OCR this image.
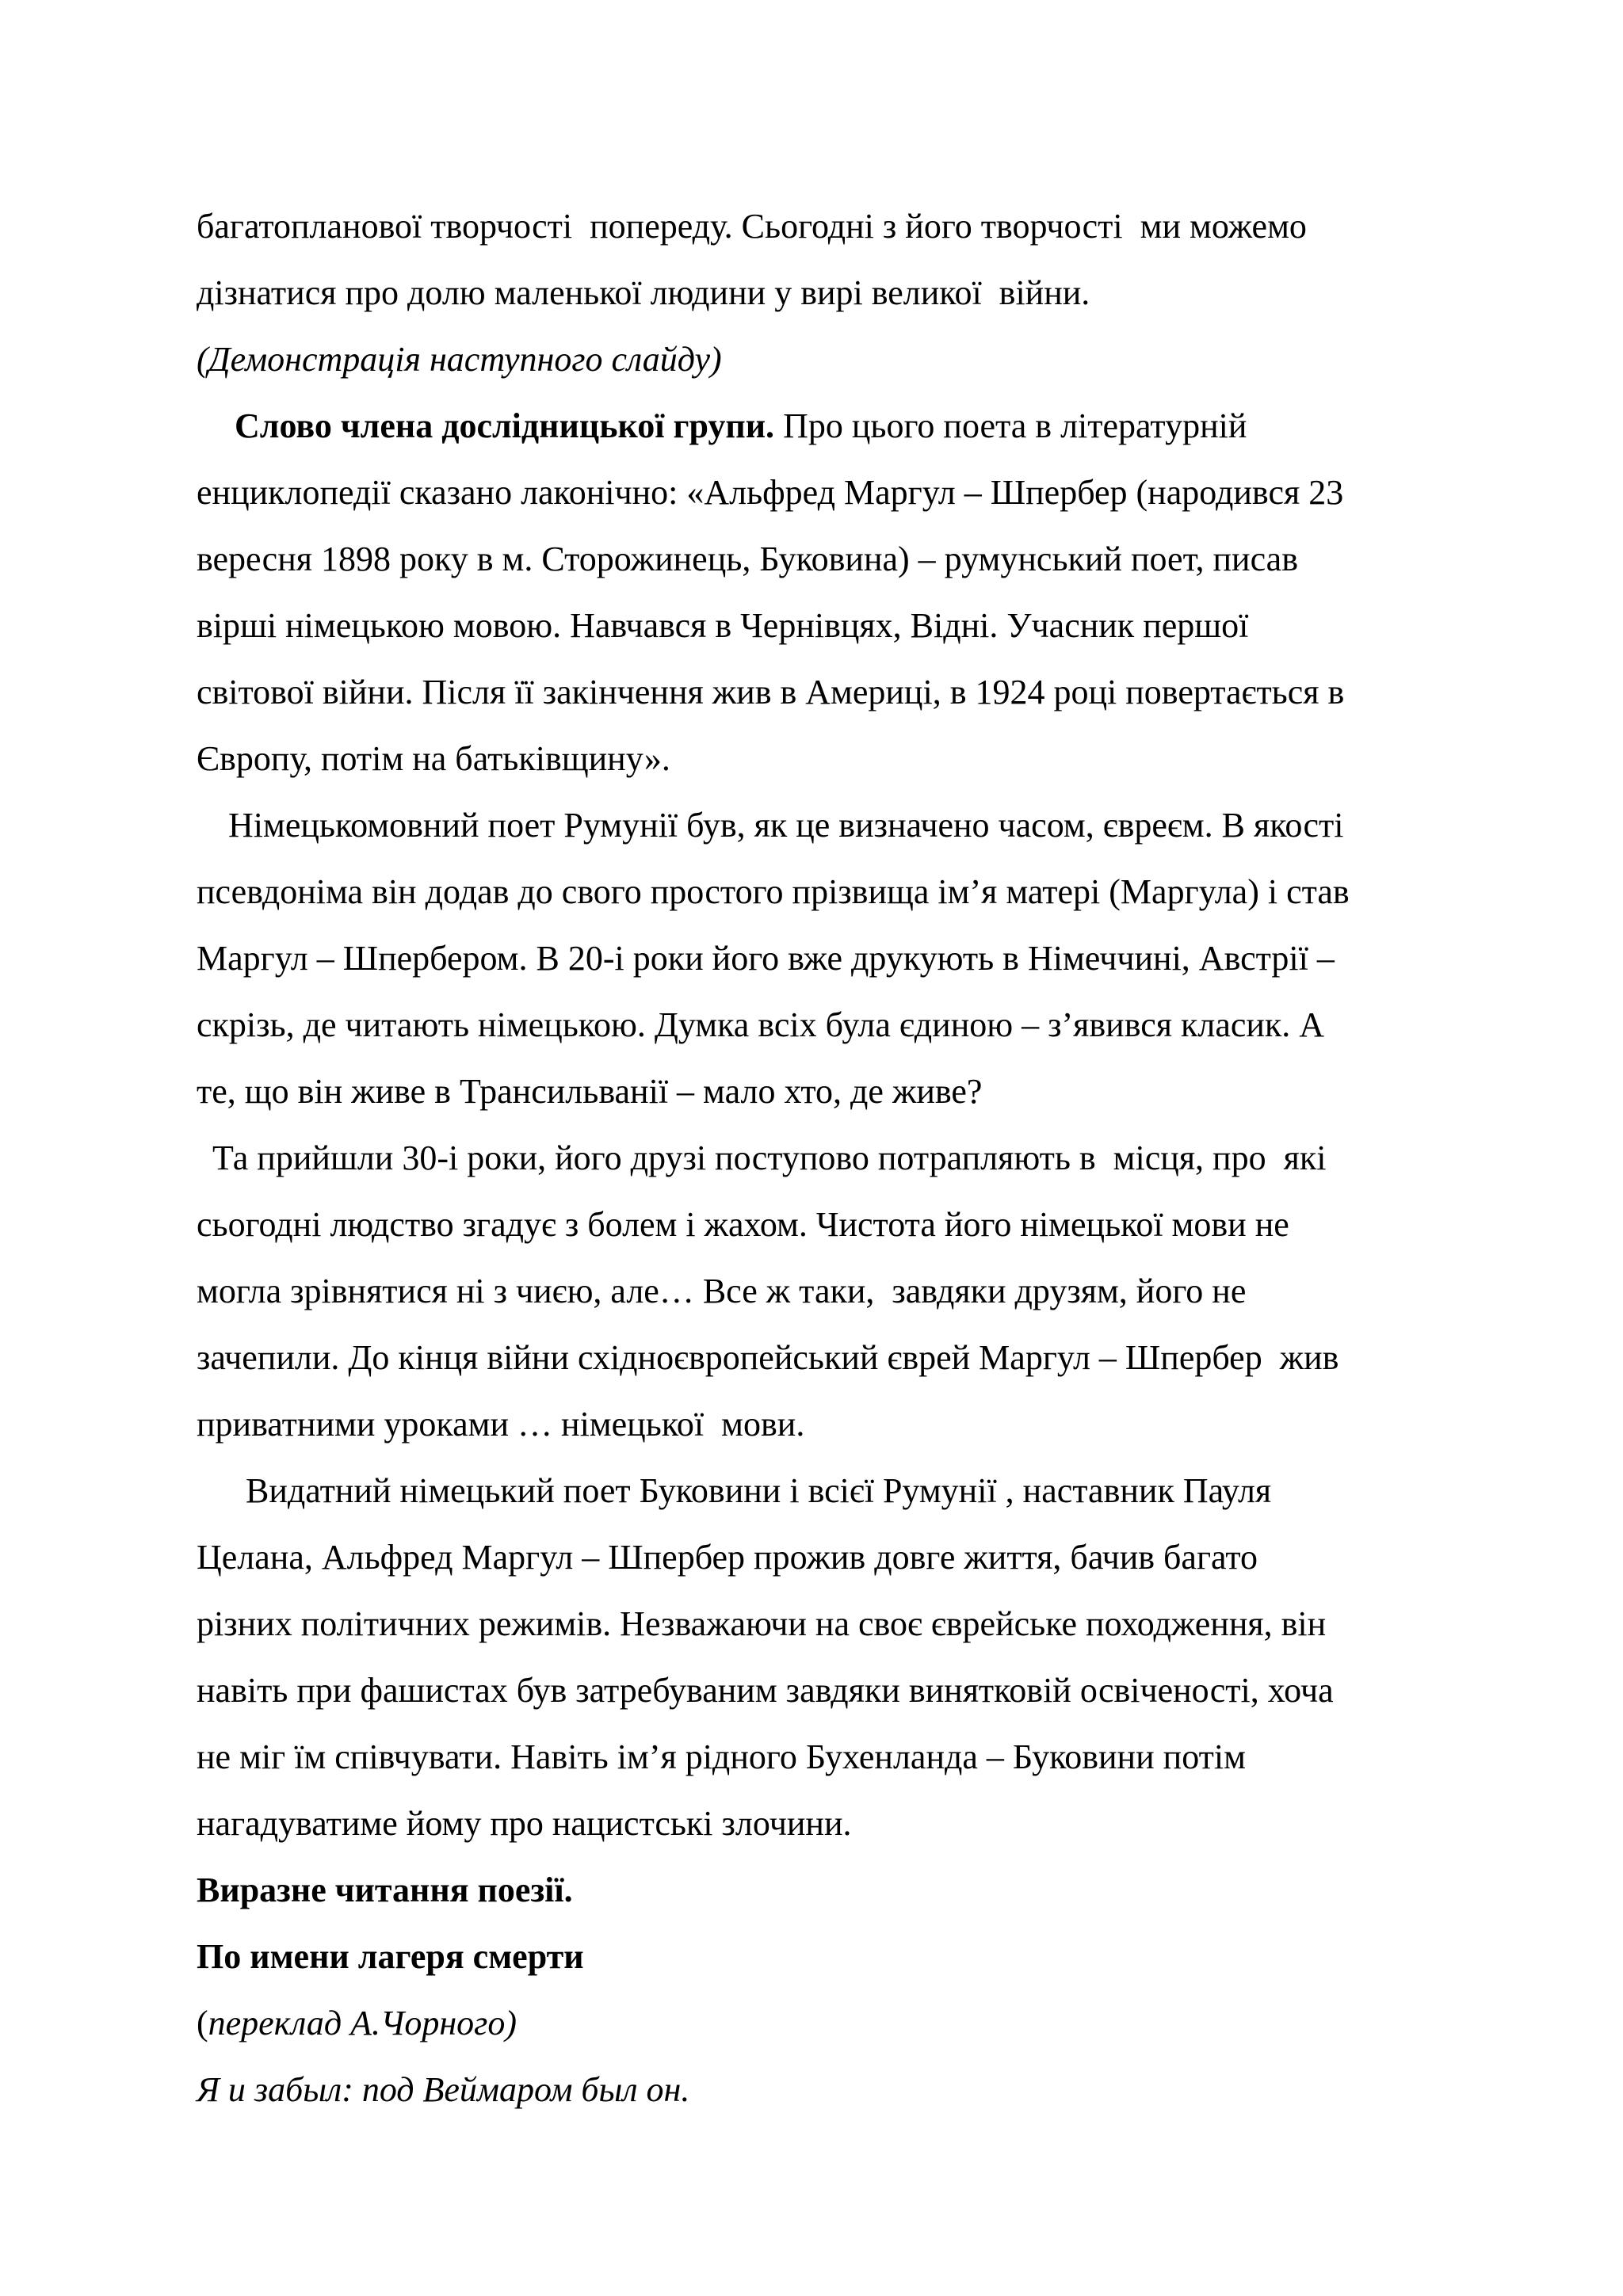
багатопланової творчості  попереду. Сьогодні з його творчості  ми можемо
дізнатися про долю маленької людини у вирі великої  війни.
(Демонстрація наступного слайду)
Слово члена дослідницької групи. Про цього поета в літературній
енциклопедії сказано лаконічно: «Альфред Маргул – Шпербер (народився 23
вересня 1898 року в м. Сторожинець, Буковина) – румунський поет, писав
вірші німецькою мовою. Навчався в Чернівцях, Відні. Учасник першої
світової війни. Після її закінчення жив в Америці, в 1924 році повертається в
Європу, потім на батьківщину».
Німецькомовний поет Румунії був, як це визначено часом, євреєм. В якості
псевдоніма він додав до свого простого прізвища ім’я матері (Маргула) і став
Маргул – Шпербером. В 20-і роки його вже друкують в Німеччині, Австрії –
скрізь, де читають німецькою. Думка всіх була єдиною – з’явився класик. А
те, що він живе в Трансильванії – мало хто, де живе?
Та прийшли 30-і роки, його друзі поступово потрапляють в  місця, про  які
сьогодні людство згадує з болем і жахом. Чистота його німецької мови не
могла зрівнятися ні з чиєю, але… Все ж таки,  завдяки друзям, його не
зачепили. До кінця війни східноєвропейський єврей Маргул – Шпербер  жив
приватними уроками … німецької  мови.
Видатний німецький поет Буковини і всієї Румунії , наставник Пауля
Целана, Альфред Маргул – Шпербер прожив довге життя, бачив багато
різних політичних режимів. Незважаючи на своє єврейське походження, він
навіть при фашистах був затребуваним завдяки винятковій освіченості, хоча
не міг їм співчувати. Навіть ім’я рідного Бухенланда – Буковини потім
нагадуватиме йому про нацистські злочини.
Виразне читання поезії.
По имени лагеря смерти
(переклад А.Чорного)
Я и забыл: под Веймаром был он.
